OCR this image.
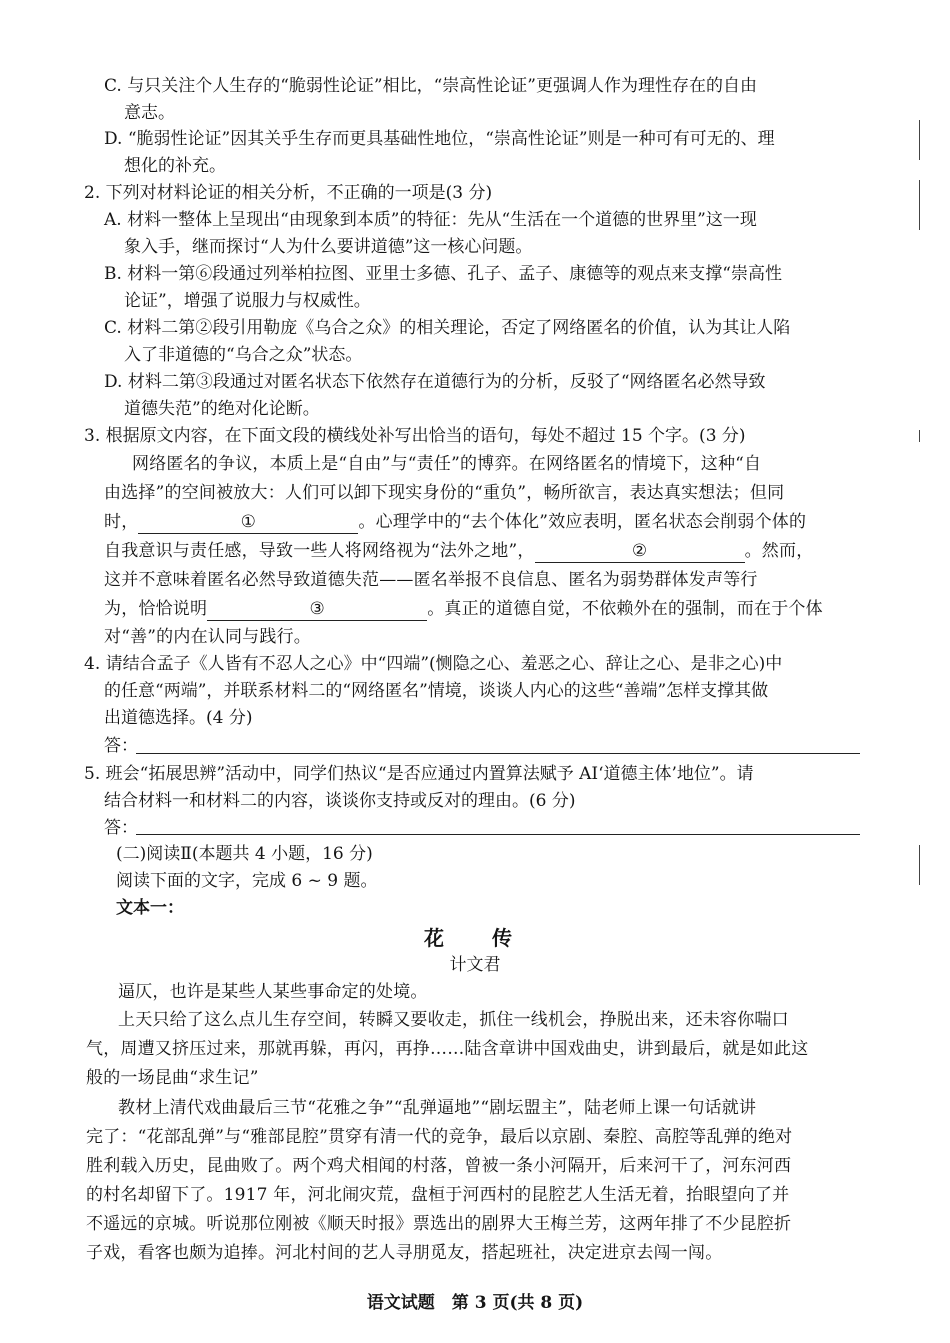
C. 与只关注个人生存的“脆弱性论证”相比，“崇高性论证”更强调人作为理性存在的自由
意志。
D. “脆弱性论证”因其关乎生存而更具基础性地位，“崇高性论证”则是一种可有可无的、理
想化的补充。
2. 下列对材料论证的相关分析，不正确的一项是(3 分)
A. 材料一整体上呈现出“由现象到本质”的特征：先从“生活在一个道德的世界里”这一现
象入手，继而探讨“人为什么要讲道德”这一核心问题。
B. 材料一第⑥段通过列举柏拉图、亚里士多德、孔子、孟子、康德等的观点来支撑“崇高性
论证”，增强了说服力与权威性。
C. 材料二第②段引用勒庞《乌合之众》的相关理论，否定了网络匿名的价值，认为其让人陷
入了非道德的“乌合之众”状态。
D. 材料二第③段通过对匿名状态下依然存在道德行为的分析，反驳了“网络匿名必然导致
道德失范”的绝对化论断。
3. 根据原文内容，在下面文段的横线处补写出恰当的语句，每处不超过 15 个字。(3 分)
网络匿名的争议，本质上是“自由”与“责任”的博弈。在网络匿名的情境下，这种“自
由选择”的空间被放大：人们可以卸下现实身份的“重负”，畅所欲言，表达真实想法；但同
时，	①	。心理学中的“去个体化”效应表明，匿名状态会削弱个体的
自我意识与责任感，导致一些人将网络视为“法外之地”，	②	。然而，
这并不意味着匿名必然导致道德失范——匿名举报不良信息、匿名为弱势群体发声等行
为，恰恰说明	③	。真正的道德自觉，不依赖外在的强制，而在于个体
对“善”的内在认同与践行。
4. 请结合孟子《人皆有不忍人之心》中“四端”(恻隐之心、羞恶之心、辞让之心、是非之心)中
的任意“两端”，并联系材料二的“网络匿名”情境，谈谈人内心的这些“善端”怎样支撑其做
出道德选择。(4 分)
答：
5. 班会“拓展思辨”活动中，同学们热议“是否应通过内置算法赋予 AI‘道德主体’地位”。请
结合材料一和材料二的内容，谈谈你支持或反对的理由。(6 分)
答：
(二)阅读Ⅱ(本题共 4 小题，16 分)
阅读下面的文字，完成 6 ~ 9 题。
文本一：
花　传
计文君
逼仄，也许是某些人某些事命定的处境。
上天只给了这么点儿生存空间，转瞬又要收走，抓住一线机会，挣脱出来，还未容你喘口
气，周遭又挤压过来，那就再躲，再闪，再挣……陆含章讲中国戏曲史，讲到最后，就是如此这
般的一场昆曲“求生记”
教材上清代戏曲最后三节“花雅之争”“乱弹逼地”“剧坛盟主”，陆老师上课一句话就讲
完了：“花部乱弹”与“雅部昆腔”贯穿有清一代的竞争，最后以京剧、秦腔、高腔等乱弹的绝对
胜利载入历史，昆曲败了。两个鸡犬相闻的村落，曾被一条小河隔开，后来河干了，河东河西
的村名却留下了。1917 年，河北闹灾荒，盘桓于河西村的昆腔艺人生活无着，抬眼望向了并
不遥远的京城。听说那位刚被《顺天时报》票选出的剧界大王梅兰芳，这两年排了不少昆腔折
子戏，看客也颇为追捧。河北村间的艺人寻朋觅友，搭起班社，决定进京去闯一闯。
语文试题　第 3 页(共 8 页)
